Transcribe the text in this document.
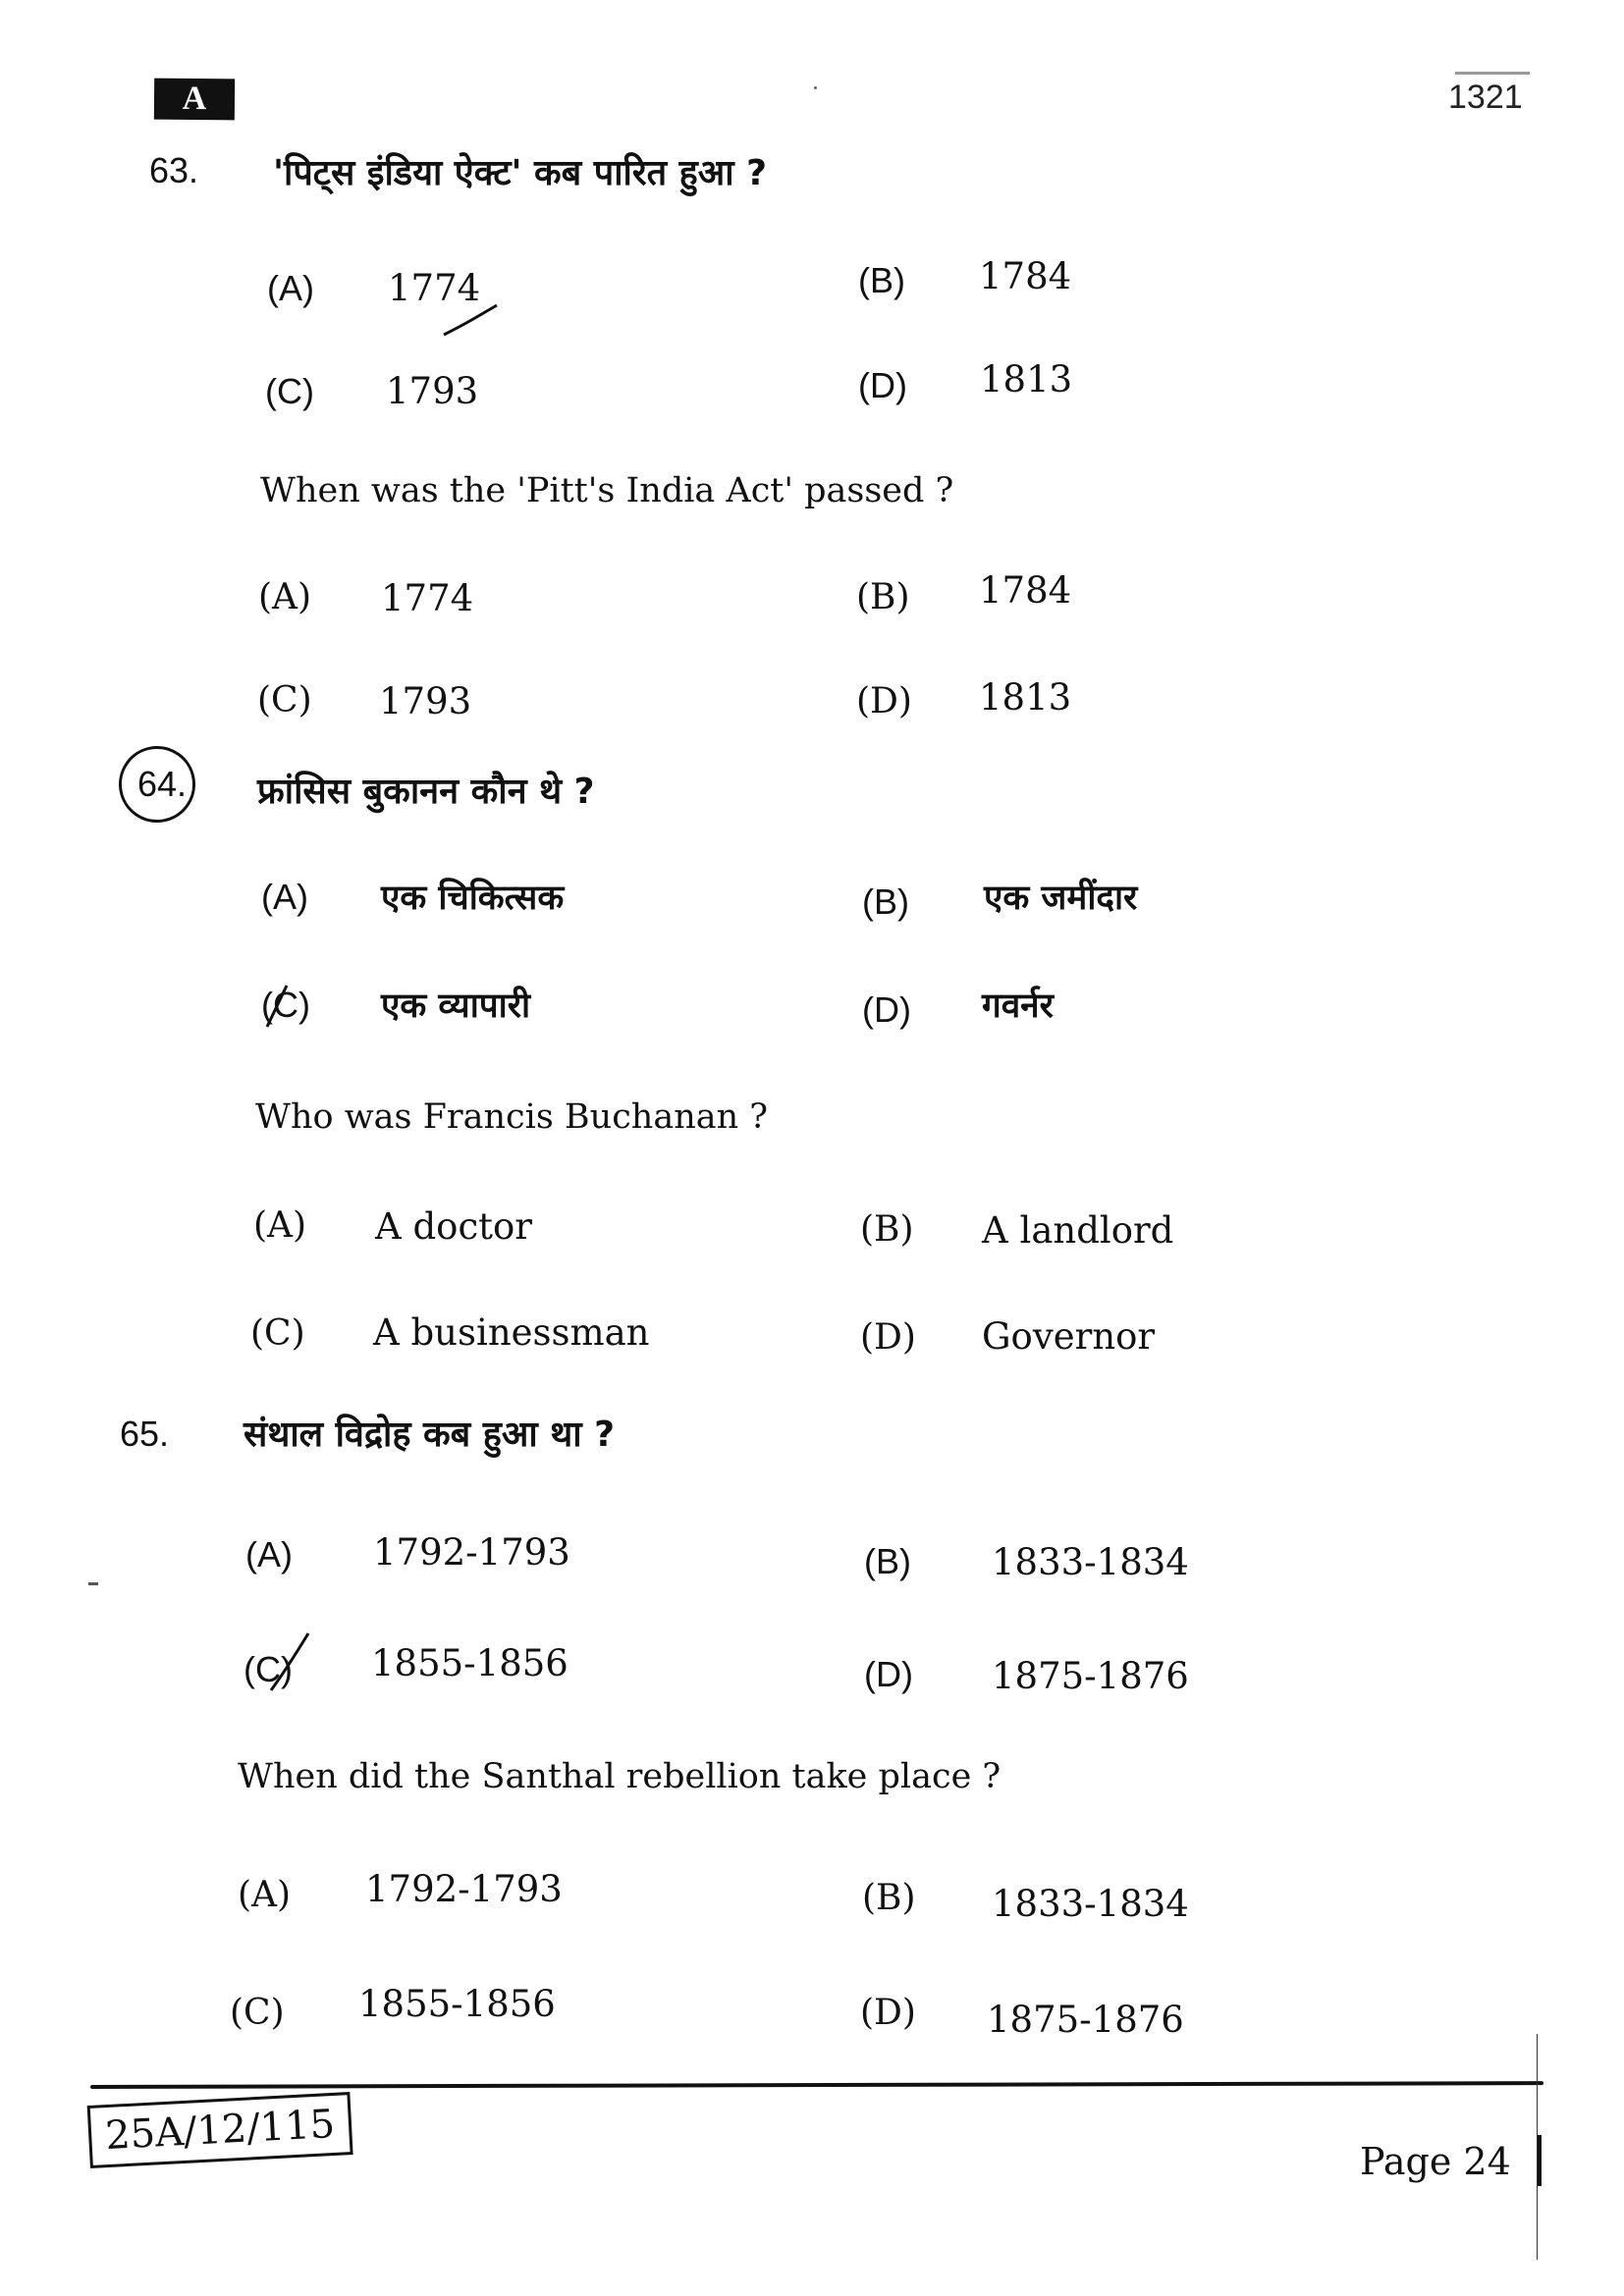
A	1321
63. 'पिट्स इंडिया ऐक्ट' कब पारित हुआ ?
(A) 1774	(B) 1784
(C) 1793	(D) 1813
When was the 'Pitt's India Act' passed ?
(A) 1774	(B) 1784
(C) 1793	(D) 1813
64. फ्रांसिस बुकानन कौन थे ?
(A) एक चिकित्सक	(B) एक जमींदार
(C) एक व्यापारी	(D) गवर्नर
Who was Francis Buchanan ?
(A) A doctor	(B) A landlord
(C) A businessman	(D) Governor
65. संथाल विद्रोह कब हुआ था ?
(A) 1792-1793	(B) 1833-1834
(C) 1855-1856	(D) 1875-1876
When did the Santhal rebellion take place ?
(A) 1792-1793	(B) 1833-1834
(C) 1855-1856	(D) 1875-1876
25A/12/115
Page 24
